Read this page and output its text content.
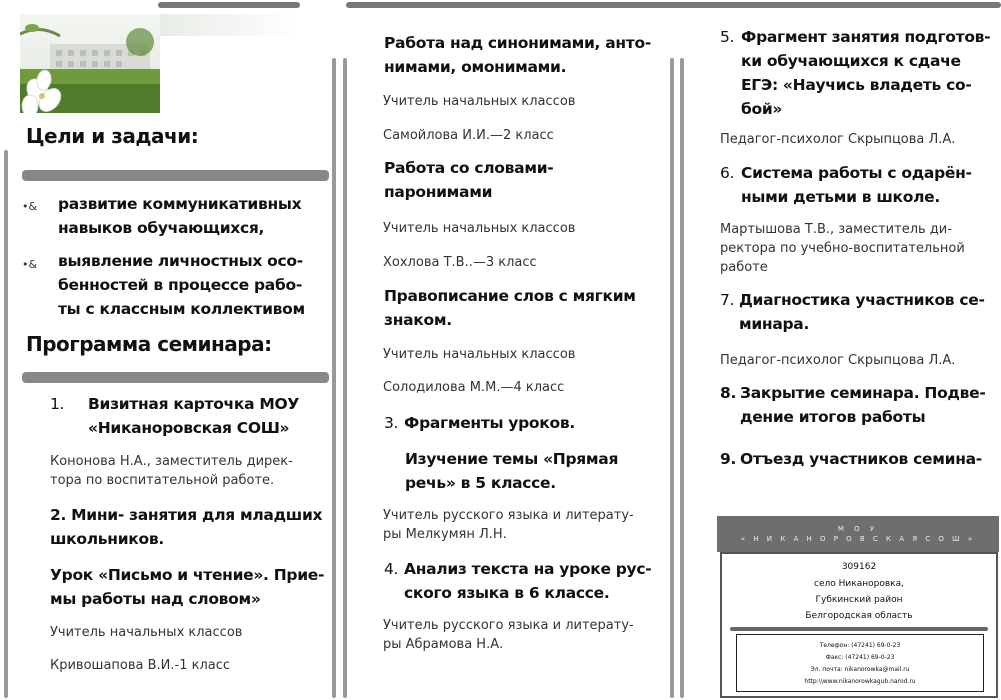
Цели и задачи:
•& развитие коммуникативных
навыков обучающихся,
•& выявление личностных осо-
бенностей в процессе рабо-
ты с классным коллективом
Программа семинара:
1. Визитная карточка МОУ
«Никаноровская СОШ»
Кононова Н.А., заместитель дирек-
тора по воспитательной работе.
2. Мини- занятия для младших
школьников.
Урок «Письмо и чтение». Прие-
мы работы над словом»
Учитель начальных классов
Кривошапова В.И.-1 класс
Работа над синонимами, анто-
нимами, омонимами.
Учитель начальных классов
Самойлова И.И.—2 класс
Работа со словами-
паронимами
Учитель начальных классов
Хохлова Т.В..—3 класс
Правописание слов с мягким
знаком.
Учитель начальных классов
Солодилова М.М.—4 класс
3. Фрагменты уроков.
Изучение темы «Прямая
речь» в 5 классе.
Учитель русского языка и литерату-
ры Мелкумян Л.Н.
4. Анализ текста на уроке рус-
ского языка в 6 классе.
Учитель русского языка и литерату-
ры Абрамова Н.А.
5. Фрагмент занятия подготов-
ки обучающихся к сдаче
ЕГЭ: «Научись владеть со-
бой»
Педагог-психолог Скрыпцова Л.А.
6. Система работы с одарён-
ными детьми в школе.
Мартышова Т.В., заместитель ди-
ректора по учебно-воспитательной
работе
7. Диагностика участников се-
минара.
Педагог-психолог Скрыпцова Л.А.
8. Закрытие семинара. Подве-
дение итогов работы
9. Отъезд участников семина-
М О У
« Н И К А Н О Р О В С К А Я С О Ш »
309162
село Никаноровка,
Губкинский район
Белгородская область
Телефон: (47241) 69-0-23
Факс: (47241) 69-0-23
Эл. почта: nikanorowka@mail.ru
http:\\www.nikanorowkagub.narod.ru
